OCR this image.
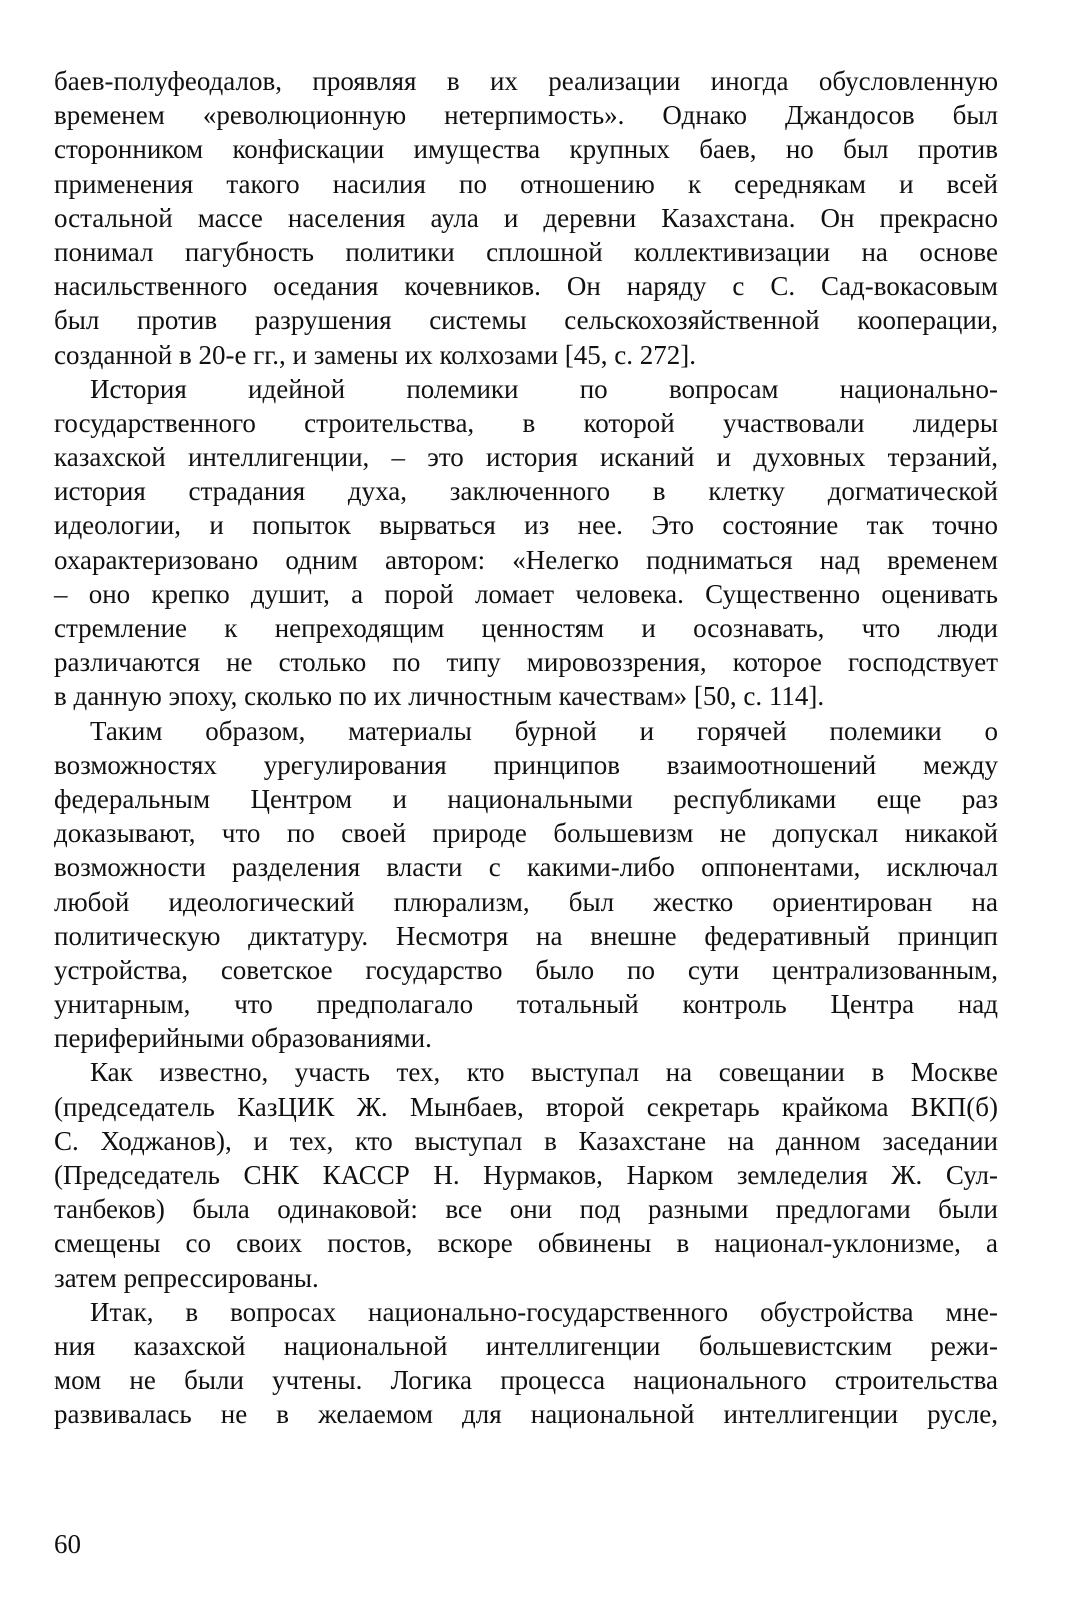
баев-полуфеодалов, проявляя в их реализации иногда обусловленную
временем «революционную нетерпимость». Однако Джандосов был
сторонником конфискации имущества крупных баев, но был против
применения такого насилия по отношению к середнякам и всей
остальной массе населения аула и деревни Казахстана. Он прекрасно
понимал пагубность политики сплошной коллективизации на основе
насильственного оседания кочевников. Он наряду с С. Сад-вокасовым
был против разрушения системы сельскохозяйственной кооперации,
созданной в 20-е гг., и замены их колхозами [45, с. 272].
История идейной полемики по вопросам национально-
государственного строительства, в которой участвовали лидеры
казахской интеллигенции, – это история исканий и духовных терзаний,
история страдания духа, заключенного в клетку догматической
идеологии, и попыток вырваться из нее. Это состояние так точно
охарактеризовано одним автором: «Нелегко подниматься над временем
– оно крепко душит, а порой ломает человека. Существенно оценивать
стремление к непреходящим ценностям и осознавать, что люди
различаются не столько по типу мировоззрения, которое господствует
в данную эпоху, сколько по их личностным качествам» [50, с. 114].
Таким образом, материалы бурной и горячей полемики о
возможностях урегулирования принципов взаимоотношений между
федеральным Центром и национальными республиками еще раз
доказывают, что по своей природе большевизм не допускал никакой
возможности разделения власти с какими-либо оппонентами, исключал
любой идеологический плюрализм, был жестко ориентирован на
политическую диктатуру. Несмотря на внешне федеративный принцип
устройства, советское государство было по сути централизованным,
унитарным, что предполагало тотальный контроль Центра над
периферийными образованиями.
Как известно, участь тех, кто выступал на совещании в Москве
(председатель КазЦИК Ж. Мынбаев, второй секретарь крайкома ВКП(б)
С. Ходжанов), и тех, кто выступал в Казахстане на данном заседании
(Председатель СНК КАССР Н. Нурмаков, Нарком земледелия Ж. Сул-
танбеков) была одинаковой: все они под разными предлогами были
смещены со своих постов, вскоре обвинены в национал-уклонизме, а
затем репрессированы.
Итак, в вопросах национально-государственного обустройства мне-
ния казахской национальной интеллигенции большевистским режи-
мом не были учтены. Логика процесса национального строительства
развивалась не в желаемом для национальной интеллигенции русле,
60
